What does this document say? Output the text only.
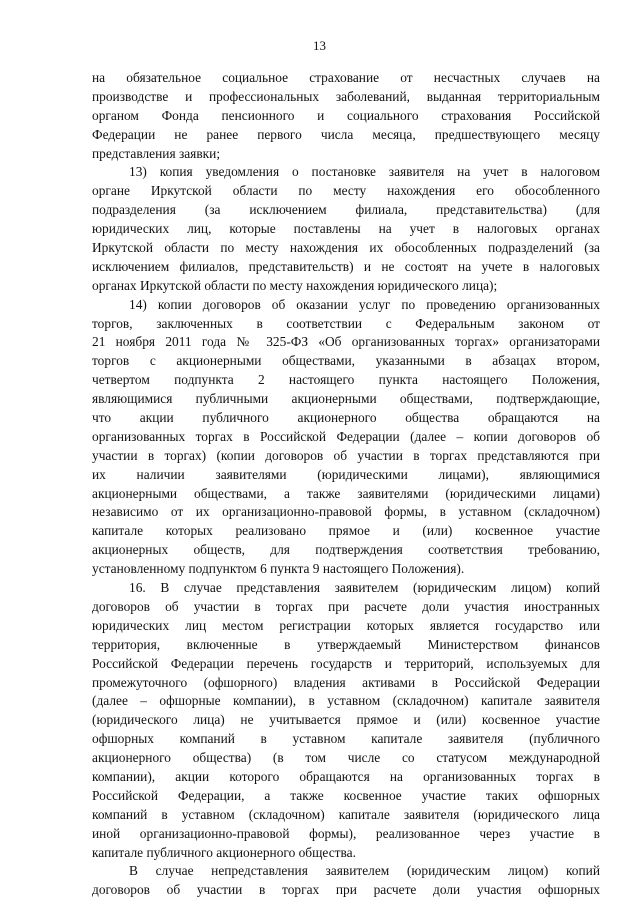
13
на обязательное социальное страхование от несчастных случаев на
производстве и профессиональных заболеваний, выданная территориальным
органом Фонда пенсионного и социального страхования Российской
Федерации не ранее первого числа месяца, предшествующего месяцу
представления заявки;
13) копия уведомления о постановке заявителя на учет в налоговом
органе Иркутской области по месту нахождения его обособленного
подразделения (за исключением филиала, представительства) (для
юридических лиц, которые поставлены на учет в налоговых органах
Иркутской области по месту нахождения их обособленных подразделений (за
исключением филиалов, представительств) и не состоят на учете в налоговых
органах Иркутской области по месту нахождения юридического лица);
14) копии договоров об оказании услуг по проведению организованных
торгов, заключенных в соответствии с Федеральным законом от
21 ноября 2011 года № 325-ФЗ «Об организованных торгах» организаторами
торгов с акционерными обществами, указанными в абзацах втором,
четвертом подпункта 2 настоящего пункта настоящего Положения,
являющимися публичными акционерными обществами, подтверждающие,
что акции публичного акционерного общества обращаются на
организованных торгах в Российской Федерации (далее – копии договоров об
участии в торгах) (копии договоров об участии в торгах представляются при
их наличии заявителями (юридическими лицами), являющимися
акционерными обществами, а также заявителями (юридическими лицами)
независимо от их организационно-правовой формы, в уставном (складочном)
капитале которых реализовано прямое и (или) косвенное участие
акционерных обществ, для подтверждения соответствия требованию,
установленному подпунктом 6 пункта 9 настоящего Положения).
16. В случае представления заявителем (юридическим лицом) копий
договоров об участии в торгах при расчете доли участия иностранных
юридических лиц местом регистрации которых является государство или
территория, включенные в утверждаемый Министерством финансов
Российской Федерации перечень государств и территорий, используемых для
промежуточного (офшорного) владения активами в Российской Федерации
(далее – офшорные компании), в уставном (складочном) капитале заявителя
(юридического лица) не учитывается прямое и (или) косвенное участие
офшорных компаний в уставном капитале заявителя (публичного
акционерного общества) (в том числе со статусом международной
компании), акции которого обращаются на организованных торгах в
Российской Федерации, а также косвенное участие таких офшорных
компаний в уставном (складочном) капитале заявителя (юридического лица
иной организационно-правовой формы), реализованное через участие в
капитале публичного акционерного общества.
В случае непредставления заявителем (юридическим лицом) копий
договоров об участии в торгах при расчете доли участия офшорных
